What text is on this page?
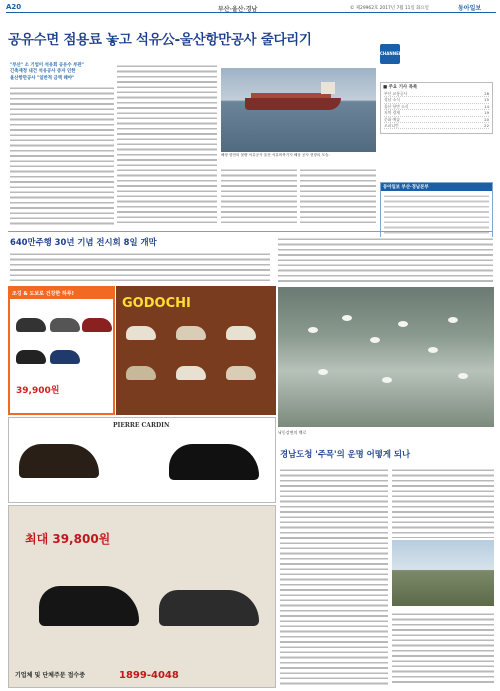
A20	부산·울산·경남	© 제29962호 2017년 7월 11일 화요일	동아일보
공유수면 점용료 놓고 석유公-울산항만공사 줄다리기
"부산" 소 기업이 석유회 공유수 부관"
긴축재정 내건 석유공사 증자 인한
울산항만공사 "일반적 금액 해야"
해당 항만의 물량 석유공사 울산 석유비축기지 해상 공사 현장의 모습.
CHANNEL
■ 주요 기사 목록
부산 교통공사	28
경남 소식	15
울산 항만 소식	14
지역 경제	19
문화 예술	20
오피니언	22
동아일보 부산·경남본부
640만주행 30년 기념 전시회 8일 개막
조깅 & 도보로 건강한 하루!
39,900원
GODOCHI
PIERRE CARDIN
최대 39,800원
기업체 및 단체주문 접수중	1899-4048
낙동강변의 백로
경남도청 '주목'의 운명 어떻게 되나
